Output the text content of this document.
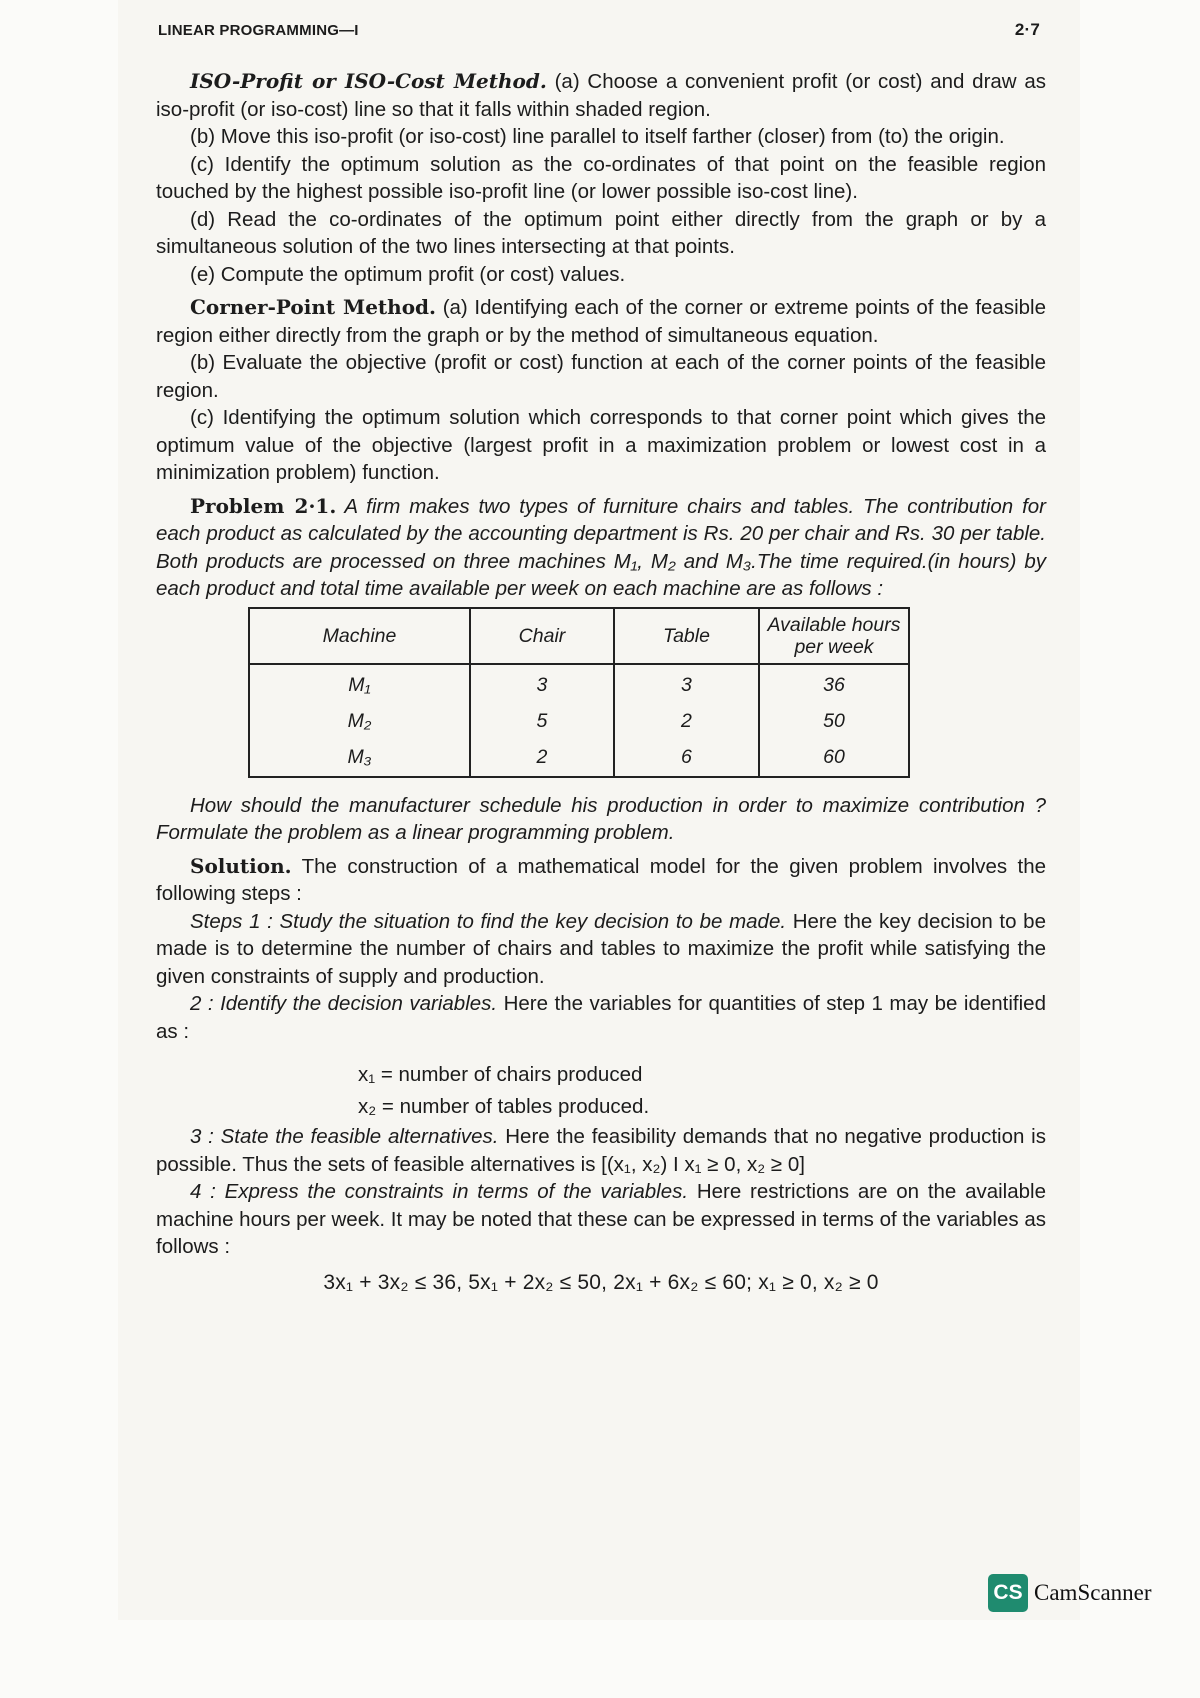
LINEAR PROGRAMMING—I	2·7

ISO-Profit or ISO-Cost Method. (a) Choose a convenient profit (or cost) and draw as iso-profit (or iso-cost) line so that it falls within shaded region.

(b) Move this iso-profit (or iso-cost) line parallel to itself farther (closer) from (to) the origin.

(c) Identify the optimum solution as the co-ordinates of that point on the feasible region touched by the highest possible iso-profit line (or lower possible iso-cost line).

(d) Read the co-ordinates of the optimum point either directly from the graph or by a simultaneous solution of the two lines intersecting at that points.

(e) Compute the optimum profit (or cost) values.

Corner-Point Method. (a) Identifying each of the corner or extreme points of the feasible region either directly from the graph or by the method of simultaneous equation.

(b) Evaluate the objective (profit or cost) function at each of the corner points of the feasible region.

(c) Identifying the optimum solution which corresponds to that corner point which gives the optimum value of the objective (largest profit in a maximization problem or lowest cost in a minimization problem) function.

Problem 2·1. A firm makes two types of furniture chairs and tables. The contribution for each product as calculated by the accounting department is Rs. 20 per chair and Rs. 30 per table. Both products are processed on three machines M₁, M₂ and M₃.The time required.(in hours) by each product and total time available per week on each machine are as follows :

Machine	Chair	Table	Available hours per week
M₁	3	3	36
M₂	5	2	50
M₃	2	6	60

How should the manufacturer schedule his production in order to maximize contribution ? Formulate the problem as a linear programming problem.

Solution. The construction of a mathematical model for the given problem involves the following steps :

Steps 1 : Study the situation to find the key decision to be made. Here the key decision to be made is to determine the number of chairs and tables to maximize the profit while satisfying the given constraints of supply and production.

2 : Identify the decision variables. Here the variables for quantities of step 1 may be identified as :

x₁ = number of chairs produced
x₂ = number of tables produced.

3 : State the feasible alternatives. Here the feasibility demands that no negative production is possible. Thus the sets of feasible alternatives is [(x₁, x₂) I x₁ ≥ 0, x₂ ≥ 0]

4 : Express the constraints in terms of the variables. Here restrictions are on the available machine hours per week. It may be noted that these can be expressed in terms of the variables as follows :

3x₁ + 3x₂ ≤ 36, 5x₁ + 2x₂ ≤ 50, 2x₁ + 6x₂ ≤ 60; x₁ ≥ 0, x₂ ≥ 0

CS CamScanner
